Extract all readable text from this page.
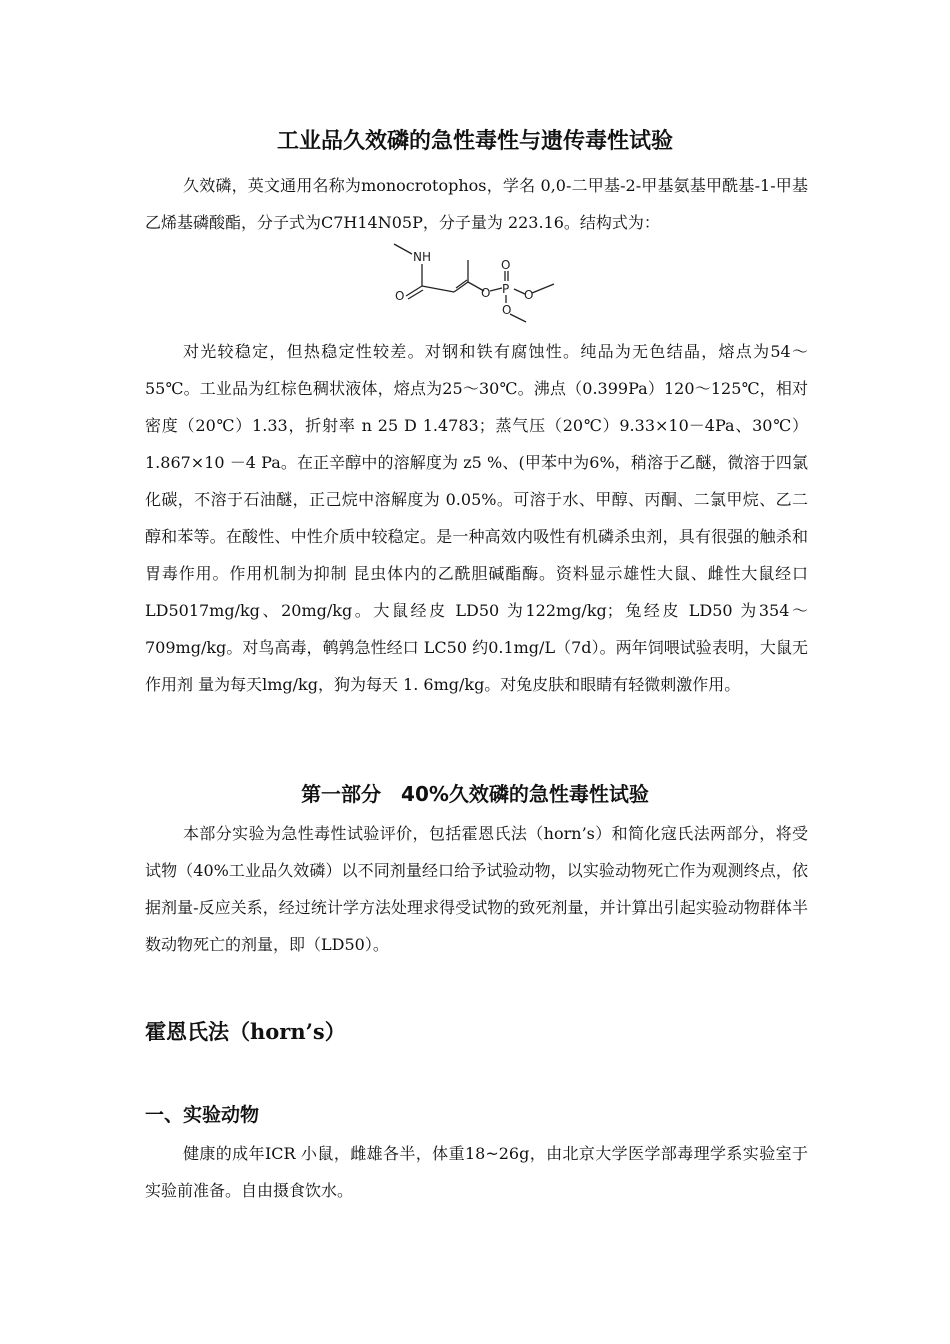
工业品久效磷的急性毒性与遗传毒性试验

久效磷，英文通用名称为monocrotophos，学名 0,0-二甲基-2-甲基氨基甲酰基-1-甲基乙烯基磷酸酯，分子式为C7H14N05P，分子量为 223.16。结构式为：

NH
O
O
O P O
O

对光较稳定，但热稳定性较差。对钢和铁有腐蚀性。纯品为无色结晶，熔点为54～55℃。工业品为红棕色稠状液体，熔点为25～30℃。沸点（0.399Pa）120～125℃，相对密度（20℃）1.33，折射率 n 25 D 1.4783；蒸气压（20℃）9.33×10－4Pa、30℃）1.867×10 －4 Pa。在正辛醇中的溶解度为 z5 %、(甲苯中为6%，稍溶于乙醚，微溶于四氯化碳，不溶于石油醚，正己烷中溶解度为 0.05%。可溶于水、甲醇、丙酮、二氯甲烷、乙二醇和苯等。在酸性、中性介质中较稳定。是一种高效内吸性有机磷杀虫剂，具有很强的触杀和胃毒作用。作用机制为抑制 昆虫体内的乙酰胆碱酯酶。资料显示雄性大鼠、雌性大鼠经口LD5017mg/kg、20mg/kg。大鼠经皮 LD50 为122mg/kg；兔经皮 LD50 为354～709mg/kg。对鸟高毒，鹌鹑急性经口 LC50 约0.1mg/L（7d）。两年饲喂试验表明，大鼠无作用剂 量为每天lmg/kg，狗为每天 1. 6mg/kg。对兔皮肤和眼睛有轻微刺激作用。

第一部分　40%久效磷的急性毒性试验

本部分实验为急性毒性试验评价，包括霍恩氏法（horn’s）和简化寇氏法两部分，将受试物（40%工业品久效磷）以不同剂量经口给予试验动物，以实验动物死亡作为观测终点，依据剂量-反应关系，经过统计学方法处理求得受试物的致死剂量，并计算出引起实验动物群体半数动物死亡的剂量，即（LD50）。

霍恩氏法（horn’s）
一、实验动物

健康的成年ICR 小鼠，雌雄各半，体重18~26g，由北京大学医学部毒理学系实验室于实验前准备。自由摄食饮水。
